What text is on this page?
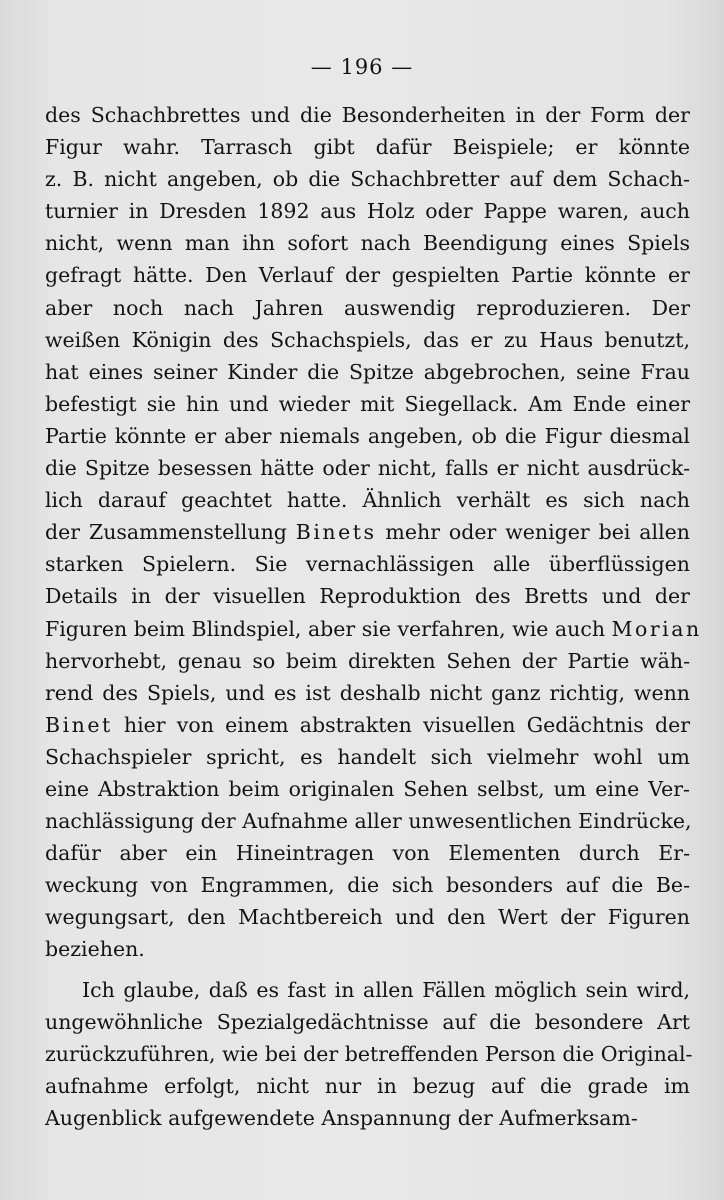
— 196 —
des Schachbrettes und die Besonderheiten in der Form der
Figur wahr. Tarrasch gibt dafür Beispiele; er könnte
z. B. nicht angeben, ob die Schachbretter auf dem Schach-
turnier in Dresden 1892 aus Holz oder Pappe waren, auch
nicht, wenn man ihn sofort nach Beendigung eines Spiels
gefragt hätte. Den Verlauf der gespielten Partie könnte er
aber noch nach Jahren auswendig reproduzieren. Der
weißen Königin des Schachspiels, das er zu Haus benutzt,
hat eines seiner Kinder die Spitze abgebrochen, seine Frau
befestigt sie hin und wieder mit Siegellack. Am Ende einer
Partie könnte er aber niemals angeben, ob die Figur diesmal
die Spitze besessen hätte oder nicht, falls er nicht ausdrück-
lich darauf geachtet hatte. Ähnlich verhält es sich nach
der Zusammenstellung Binets mehr oder weniger bei allen
starken Spielern. Sie vernachlässigen alle überflüssigen
Details in der visuellen Reproduktion des Bretts und der
Figuren beim Blindspiel, aber sie verfahren, wie auch Morian
hervorhebt, genau so beim direkten Sehen der Partie wäh-
rend des Spiels, und es ist deshalb nicht ganz richtig, wenn
Binet hier von einem abstrakten visuellen Gedächtnis der
Schachspieler spricht, es handelt sich vielmehr wohl um
eine Abstraktion beim originalen Sehen selbst, um eine Ver-
nachlässigung der Aufnahme aller unwesentlichen Eindrücke,
dafür aber ein Hineintragen von Elementen durch Er-
weckung von Engrammen, die sich besonders auf die Be-
wegungsart, den Machtbereich und den Wert der Figuren
beziehen.
Ich glaube, daß es fast in allen Fällen möglich sein wird,
ungewöhnliche Spezialgedächtnisse auf die besondere Art
zurückzuführen, wie bei der betreffenden Person die Original-
aufnahme erfolgt, nicht nur in bezug auf die grade im
Augenblick aufgewendete Anspannung der Aufmerksam-
